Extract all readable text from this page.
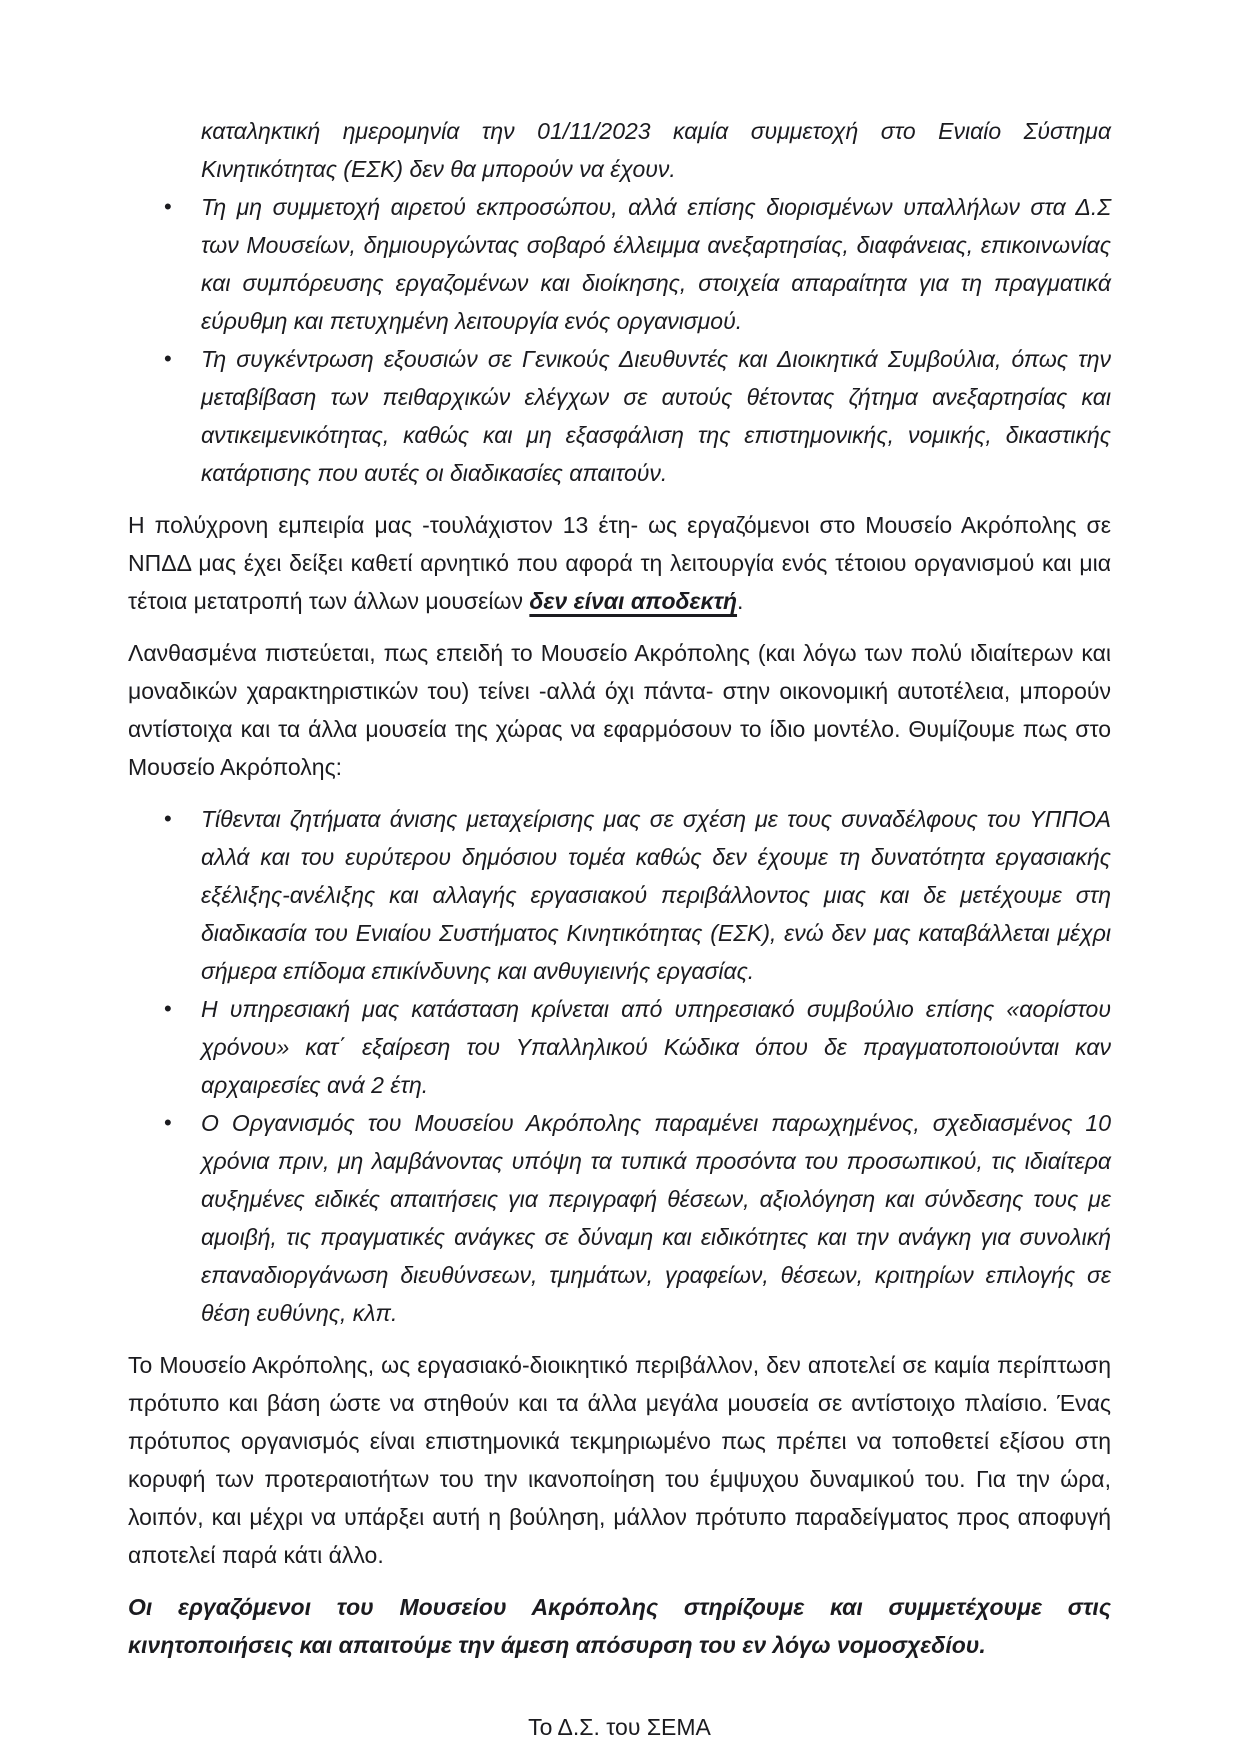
καταληκτική ημερομηνία την 01/11/2023 καμία συμμετοχή στο Ενιαίο Σύστημα Κινητικότητας (ΕΣΚ) δεν θα μπορούν να έχουν.

• Τη μη συμμετοχή αιρετού εκπροσώπου, αλλά επίσης διορισμένων υπαλλήλων στα Δ.Σ των Μουσείων, δημιουργώντας σοβαρό έλλειμμα ανεξαρτησίας, διαφάνειας, επικοινωνίας και συμπόρευσης εργαζομένων και διοίκησης, στοιχεία απαραίτητα για τη πραγματικά εύρυθμη και πετυχημένη λειτουργία ενός οργανισμού.
• Τη συγκέντρωση εξουσιών σε Γενικούς Διευθυντές και Διοικητικά Συμβούλια, όπως την μεταβίβαση των πειθαρχικών ελέγχων σε αυτούς θέτοντας ζήτημα ανεξαρτησίας και αντικειμενικότητας, καθώς και μη εξασφάλιση της επιστημονικής, νομικής, δικαστικής κατάρτισης που αυτές οι διαδικασίες απαιτούν.

Η πολύχρονη εμπειρία μας -τουλάχιστον 13 έτη- ως εργαζόμενοι στο Μουσείο Ακρόπολης σε ΝΠΔΔ μας έχει δείξει καθετί αρνητικό που αφορά τη λειτουργία ενός τέτοιου οργανισμού και μια τέτοια μετατροπή των άλλων μουσείων δεν είναι αποδεκτή.

Λανθασμένα πιστεύεται, πως επειδή το Μουσείο Ακρόπολης (και λόγω των πολύ ιδιαίτερων και μοναδικών χαρακτηριστικών του) τείνει -αλλά όχι πάντα- στην οικονομική αυτοτέλεια, μπορούν αντίστοιχα και τα άλλα μουσεία της χώρας να εφαρμόσουν το ίδιο μοντέλο. Θυμίζουμε πως στο Μουσείο Ακρόπολης:

• Τίθενται ζητήματα άνισης μεταχείρισης μας σε σχέση με τους συναδέλφους του ΥΠΠΟΑ αλλά και του ευρύτερου δημόσιου τομέα καθώς δεν έχουμε τη δυνατότητα εργασιακής εξέλιξης-ανέλιξης και αλλαγής εργασιακού περιβάλλοντος μιας και δε μετέχουμε στη διαδικασία του Ενιαίου Συστήματος Κινητικότητας (ΕΣΚ), ενώ δεν μας καταβάλλεται μέχρι σήμερα επίδομα επικίνδυνης και ανθυγιεινής εργασίας.
• Η υπηρεσιακή μας κατάσταση κρίνεται από υπηρεσιακό συμβούλιο επίσης «αορίστου χρόνου» κατ΄ εξαίρεση του Υπαλληλικού Κώδικα όπου δε πραγματοποιούνται καν αρχαιρεσίες ανά 2 έτη.
• Ο Οργανισμός του Μουσείου Ακρόπολης παραμένει παρωχημένος, σχεδιασμένος 10 χρόνια πριν, μη λαμβάνοντας υπόψη τα τυπικά προσόντα του προσωπικού, τις ιδιαίτερα αυξημένες ειδικές απαιτήσεις για περιγραφή θέσεων, αξιολόγηση και σύνδεσης τους με αμοιβή, τις πραγματικές ανάγκες σε δύναμη και ειδικότητες και την ανάγκη για συνολική επαναδιοργάνωση διευθύνσεων, τμημάτων, γραφείων, θέσεων, κριτηρίων επιλογής σε θέση ευθύνης, κλπ.

Το Μουσείο Ακρόπολης, ως εργασιακό-διοικητικό περιβάλλον, δεν αποτελεί σε καμία περίπτωση πρότυπο και βάση ώστε να στηθούν και τα άλλα μεγάλα μουσεία σε αντίστοιχο πλαίσιο. Ένας πρότυπος οργανισμός είναι επιστημονικά τεκμηριωμένο πως πρέπει να τοποθετεί εξίσου στη κορυφή των προτεραιοτήτων του την ικανοποίηση του έμψυχου δυναμικού του. Για την ώρα, λοιπόν, και μέχρι να υπάρξει αυτή η βούληση, μάλλον πρότυπο παραδείγματος προς αποφυγή αποτελεί παρά κάτι άλλο.

Οι εργαζόμενοι του Μουσείου Ακρόπολης στηρίζουμε και συμμετέχουμε στις κινητοποιήσεις και απαιτούμε την άμεση απόσυρση του εν λόγω νομοσχεδίου.

Το Δ.Σ. του ΣΕΜΑ
